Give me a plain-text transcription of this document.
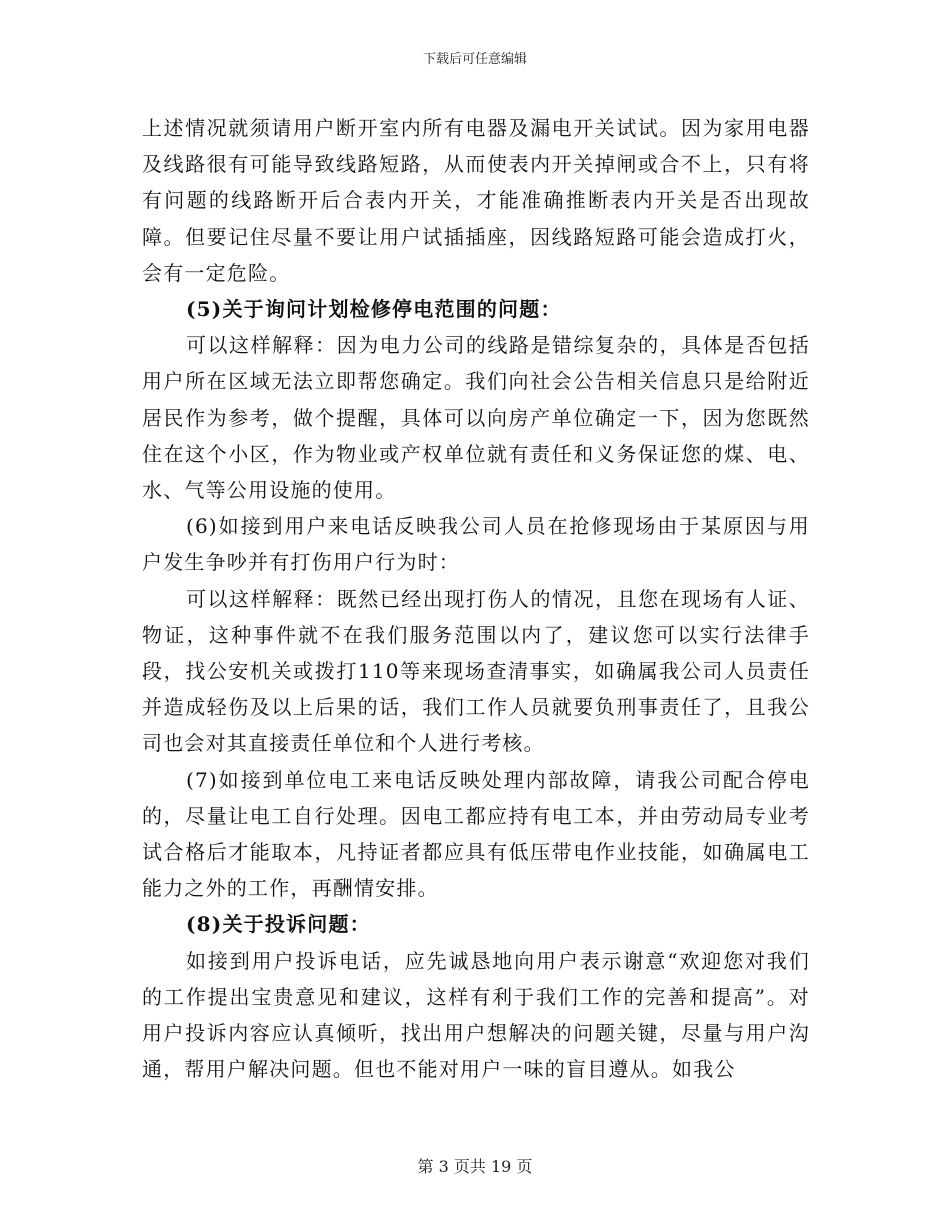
下载后可任意编辑

上述情况就须请用户断开室内所有电器及漏电开关试试。因为家用电器及线路很有可能导致线路短路，从而使表内开关掉闸或合不上，只有将有问题的线路断开后合表内开关，才能准确推断表内开关是否出现故障。但要记住尽量不要让用户试插插座，因线路短路可能会造成打火，会有一定危险。

(5)关于询问计划检修停电范围的问题：

可以这样解释：因为电力公司的线路是错综复杂的，具体是否包括用户所在区域无法立即帮您确定。我们向社会公告相关信息只是给附近居民作为参考，做个提醒，具体可以向房产单位确定一下，因为您既然住在这个小区，作为物业或产权单位就有责任和义务保证您的煤、电、水、气等公用设施的使用。

(6)如接到用户来电话反映我公司人员在抢修现场由于某原因与用户发生争吵并有打伤用户行为时：

可以这样解释：既然已经出现打伤人的情况，且您在现场有人证、物证，这种事件就不在我们服务范围以内了，建议您可以实行法律手段，找公安机关或拨打110等来现场查清事实，如确属我公司人员责任并造成轻伤及以上后果的话，我们工作人员就要负刑事责任了，且我公司也会对其直接责任单位和个人进行考核。

(7)如接到单位电工来电话反映处理内部故障，请我公司配合停电的，尽量让电工自行处理。因电工都应持有电工本，并由劳动局专业考试合格后才能取本，凡持证者都应具有低压带电作业技能，如确属电工能力之外的工作，再酬情安排。

(8)关于投诉问题：

如接到用户投诉电话，应先诚恳地向用户表示谢意“欢迎您对我们的工作提出宝贵意见和建议，这样有利于我们工作的完善和提高”。对用户投诉内容应认真倾听，找出用户想解决的问题关键，尽量与用户沟通，帮用户解决问题。但也不能对用户一味的盲目遵从。如我公

第 3 页共 19 页
